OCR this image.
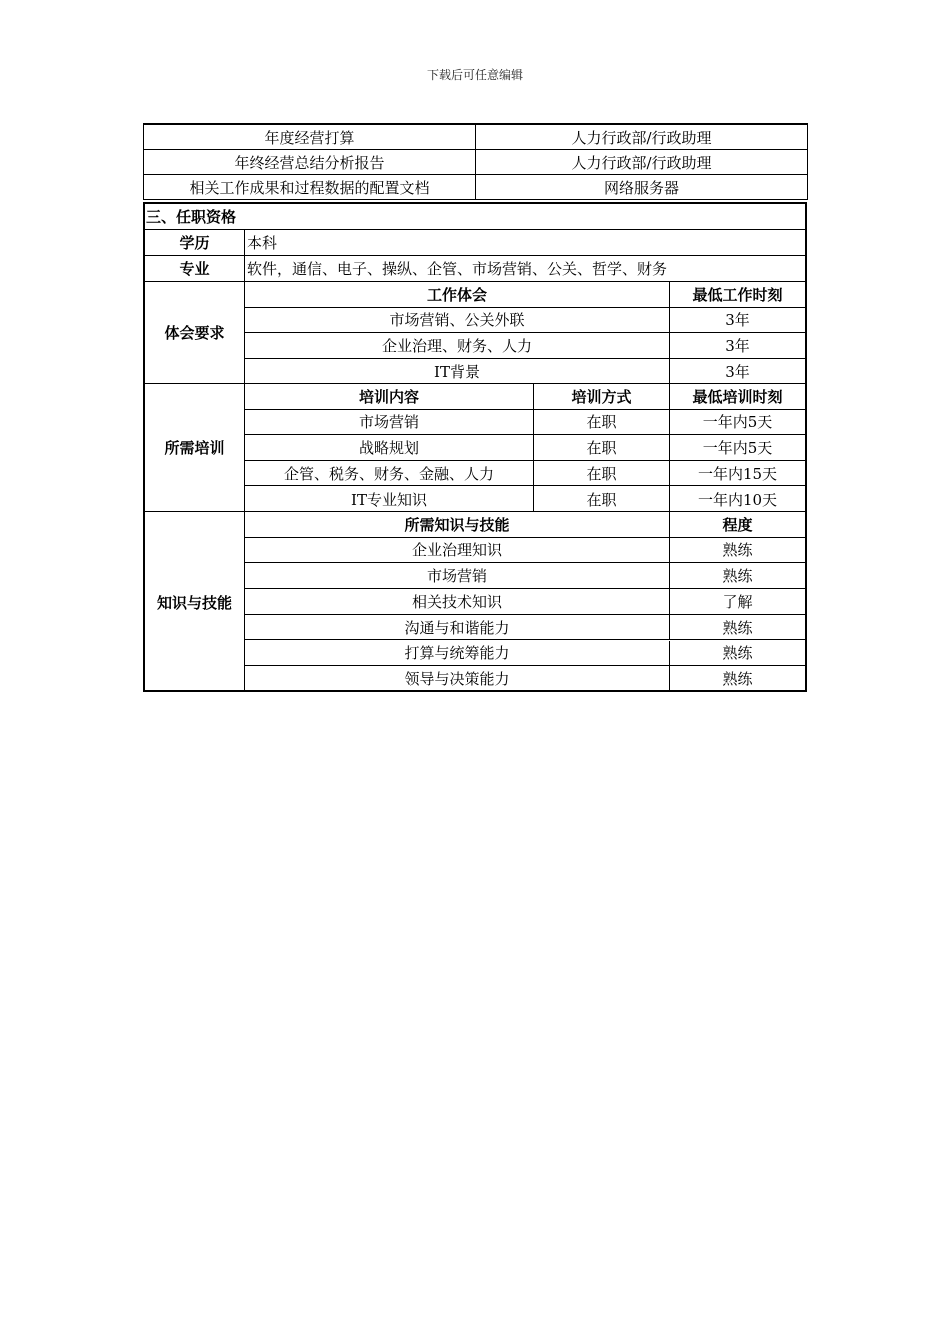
下载后可任意编辑
年度经营打算	人力行政部/行政助理
年终经营总结分析报告	人力行政部/行政助理
相关工作成果和过程数据的配置文档	网络服务器
三、任职资格
学历	本科
专业	软件，通信、电子、操纵、企管、市场营销、公关、哲学、财务
体会要求
工作体会	最低工作时刻
市场营销、公关外联	3年
企业治理、财务、人力	3年
IT背景	3年
所需培训
培训内容	培训方式	最低培训时刻
市场营销	在职	一年内5天
战略规划	在职	一年内5天
企管、税务、财务、金融、人力	在职	一年内15天
IT专业知识	在职	一年内10天
知识与技能
所需知识与技能	程度
企业治理知识	熟练
市场营销	熟练
相关技术知识	了解
沟通与和谐能力	熟练
打算与统筹能力	熟练
领导与决策能力	熟练
